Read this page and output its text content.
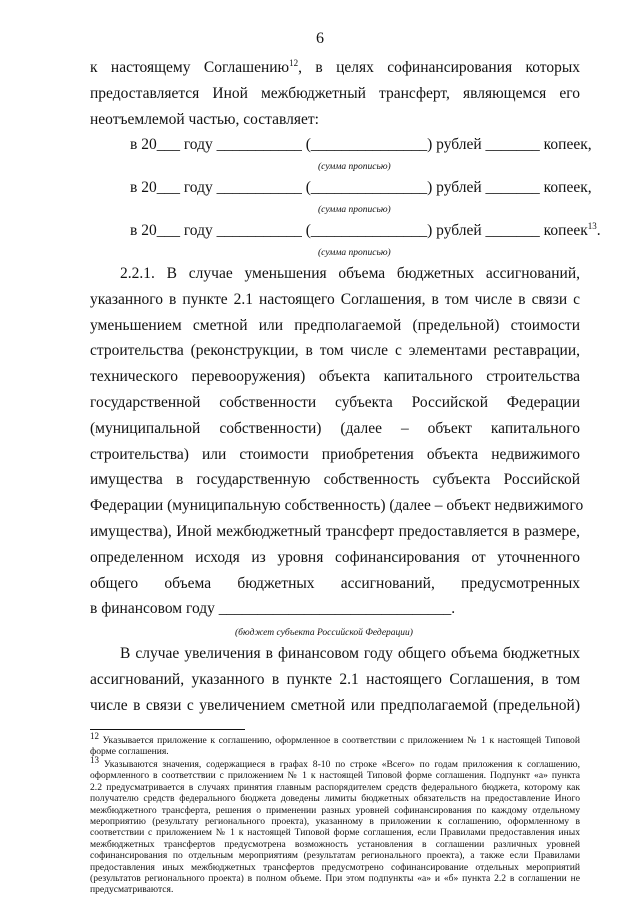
6
к настоящему Соглашению$^{12}$, в целях софинансирования которых
предоставляется Иной межбюджетный трансферт, являющемся его
неотъемлемой частью, составляет:
в 20___ году ___________ (_______________) рублей _______ копеек,
(сумма прописью)
в 20___ году ___________ (_______________) рублей _______ копеек,
(сумма прописью)
в 20___ году ___________ (_______________) рублей _______ копеек$^{13}$.
(сумма прописью)
2.2.1. В случае уменьшения объема бюджетных ассигнований,
указанного в пункте 2.1 настоящего Соглашения, в том числе в связи с
уменьшением сметной или предполагаемой (предельной) стоимости
строительства (реконструкции, в том числе с элементами реставрации,
технического перевооружения) объекта капитального строительства
государственной собственности субъекта Российской Федерации
(муниципальной собственности) (далее – объект капитального
строительства) или стоимости приобретения объекта недвижимого
имущества в государственную собственность субъекта Российской
Федерации (муниципальную собственность) (далее – объект недвижимого
имущества), Иной межбюджетный трансферт предоставляется в размере,
определенном исходя из уровня софинансирования от уточненного
общего объема бюджетных ассигнований, предусмотренных
в финансовом году ______________________________.
(бюджет субъекта Российской Федерации)
В случае увеличения в финансовом году общего объема бюджетных
ассигнований, указанного в пункте 2.1 настоящего Соглашения, в том
числе в связи с увеличением сметной или предполагаемой (предельной)
$^{12}$ Указывается приложение к соглашению, оформленное в соответствии с приложением № 1 к настоящей Типовой
форме соглашения.
$^{13}$ Указываются значения, содержащиеся в графах 8-10 по строке «Всего» по годам приложения к соглашению,
оформленного в соответствии с приложением № 1 к настоящей Типовой форме соглашения. Подпункт «а» пункта
2.2 предусматривается в случаях принятия главным распорядителем средств федерального бюджета, которому как
получателю средств федерального бюджета доведены лимиты бюджетных обязательств на предоставление Иного
межбюджетного трансферта, решения о применении разных уровней софинансирования по каждому отдельному
мероприятию (результату регионального проекта), указанному в приложении к соглашению, оформленному в
соответствии с приложением № 1 к настоящей Типовой форме соглашения, если Правилами предоставления иных
межбюджетных трансфертов предусмотрена возможность установления в соглашении различных уровней
софинансирования по отдельным мероприятиям (результатам регионального проекта), а также если Правилами
предоставления иных межбюджетных трансфертов предусмотрено софинансирование отдельных мероприятий
(результатов регионального проекта) в полном объеме. При этом подпункты «а» и «б» пункта 2.2 в соглашении не
предусматриваются.
